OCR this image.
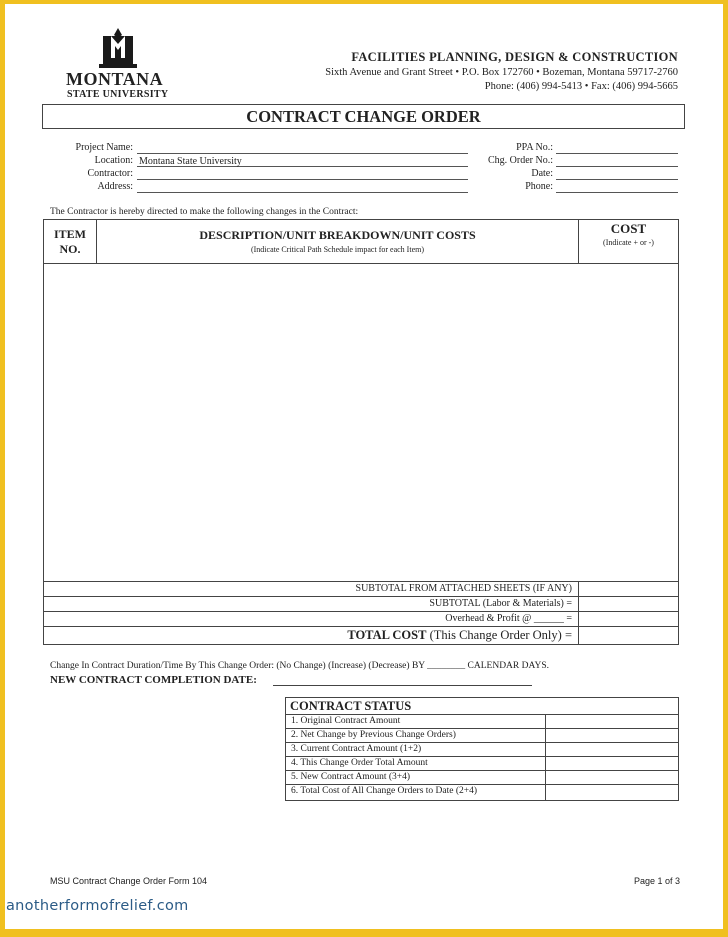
MONTANA
STATE UNIVERSITY
FACILITIES PLANNING, DESIGN & CONSTRUCTION
Sixth Avenue and Grant Street • P.O. Box 172760 • Bozeman, Montana 59717-2760
Phone: (406) 994-5413 • Fax: (406) 994-5665
CONTRACT CHANGE ORDER
Project Name:
Location: Montana State University
Contractor:
Address:
PPA No.:
Chg. Order No.:
Date:
Phone:
The Contractor is hereby directed to make the following changes in the Contract:
ITEM
NO.
DESCRIPTION/UNIT BREAKDOWN/UNIT COSTS
(Indicate Critical Path Schedule impact for each Item)
COST
(Indicate + or -)
SUBTOTAL FROM ATTACHED SHEETS (IF ANY)
SUBTOTAL (Labor & Materials) =
Overhead & Profit @ ______ =
TOTAL COST (This Change Order Only) =
Change In Contract Duration/Time By This Change Order: (No Change) (Increase) (Decrease) BY ________ CALENDAR DAYS.
NEW CONTRACT COMPLETION DATE:
CONTRACT STATUS
1. Original Contract Amount
2. Net Change by Previous Change Orders)
3. Current Contract Amount (1+2)
4. This Change Order Total Amount
5. New Contract Amount (3+4)
6. Total Cost of All Change Orders to Date (2+4)
MSU Contract Change Order Form 104	Page 1 of 3
anotherformofrelief.com
